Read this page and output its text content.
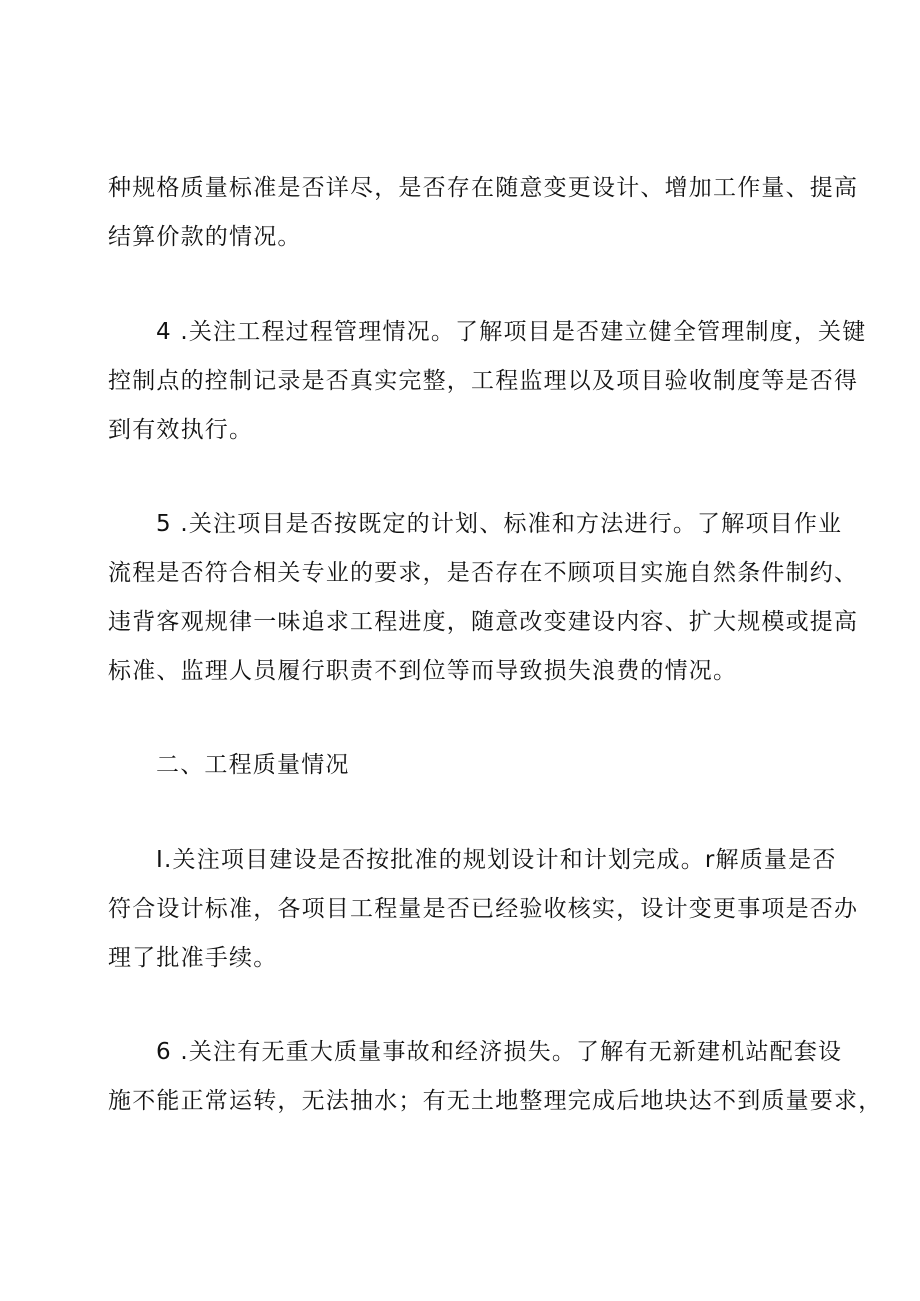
种规格质量标准是否详尽，是否存在随意变更设计、增加工作量、提高
结算价款的情况。

4 .关注工程过程管理情况。了解项目是否建立健全管理制度，关键
控制点的控制记录是否真实完整，工程监理以及项目验收制度等是否得
到有效执行。

5 .关注项目是否按既定的计划、标准和方法进行。了解项目作业
流程是否符合相关专业的要求，是否存在不顾项目实施自然条件制约、
违背客观规律一味追求工程进度，随意改变建设内容、扩大规模或提高
标准、监理人员履行职责不到位等而导致损失浪费的情况。

二、工程质量情况

I.关注项目建设是否按批准的规划设计和计划完成。r解质量是否
符合设计标准，各项目工程量是否已经验收核实，设计变更事项是否办
理了批准手续。

6 .关注有无重大质量事故和经济损失。了解有无新建机站配套设
施不能正常运转，无法抽水；有无土地整理完成后地块达不到质量要求，
